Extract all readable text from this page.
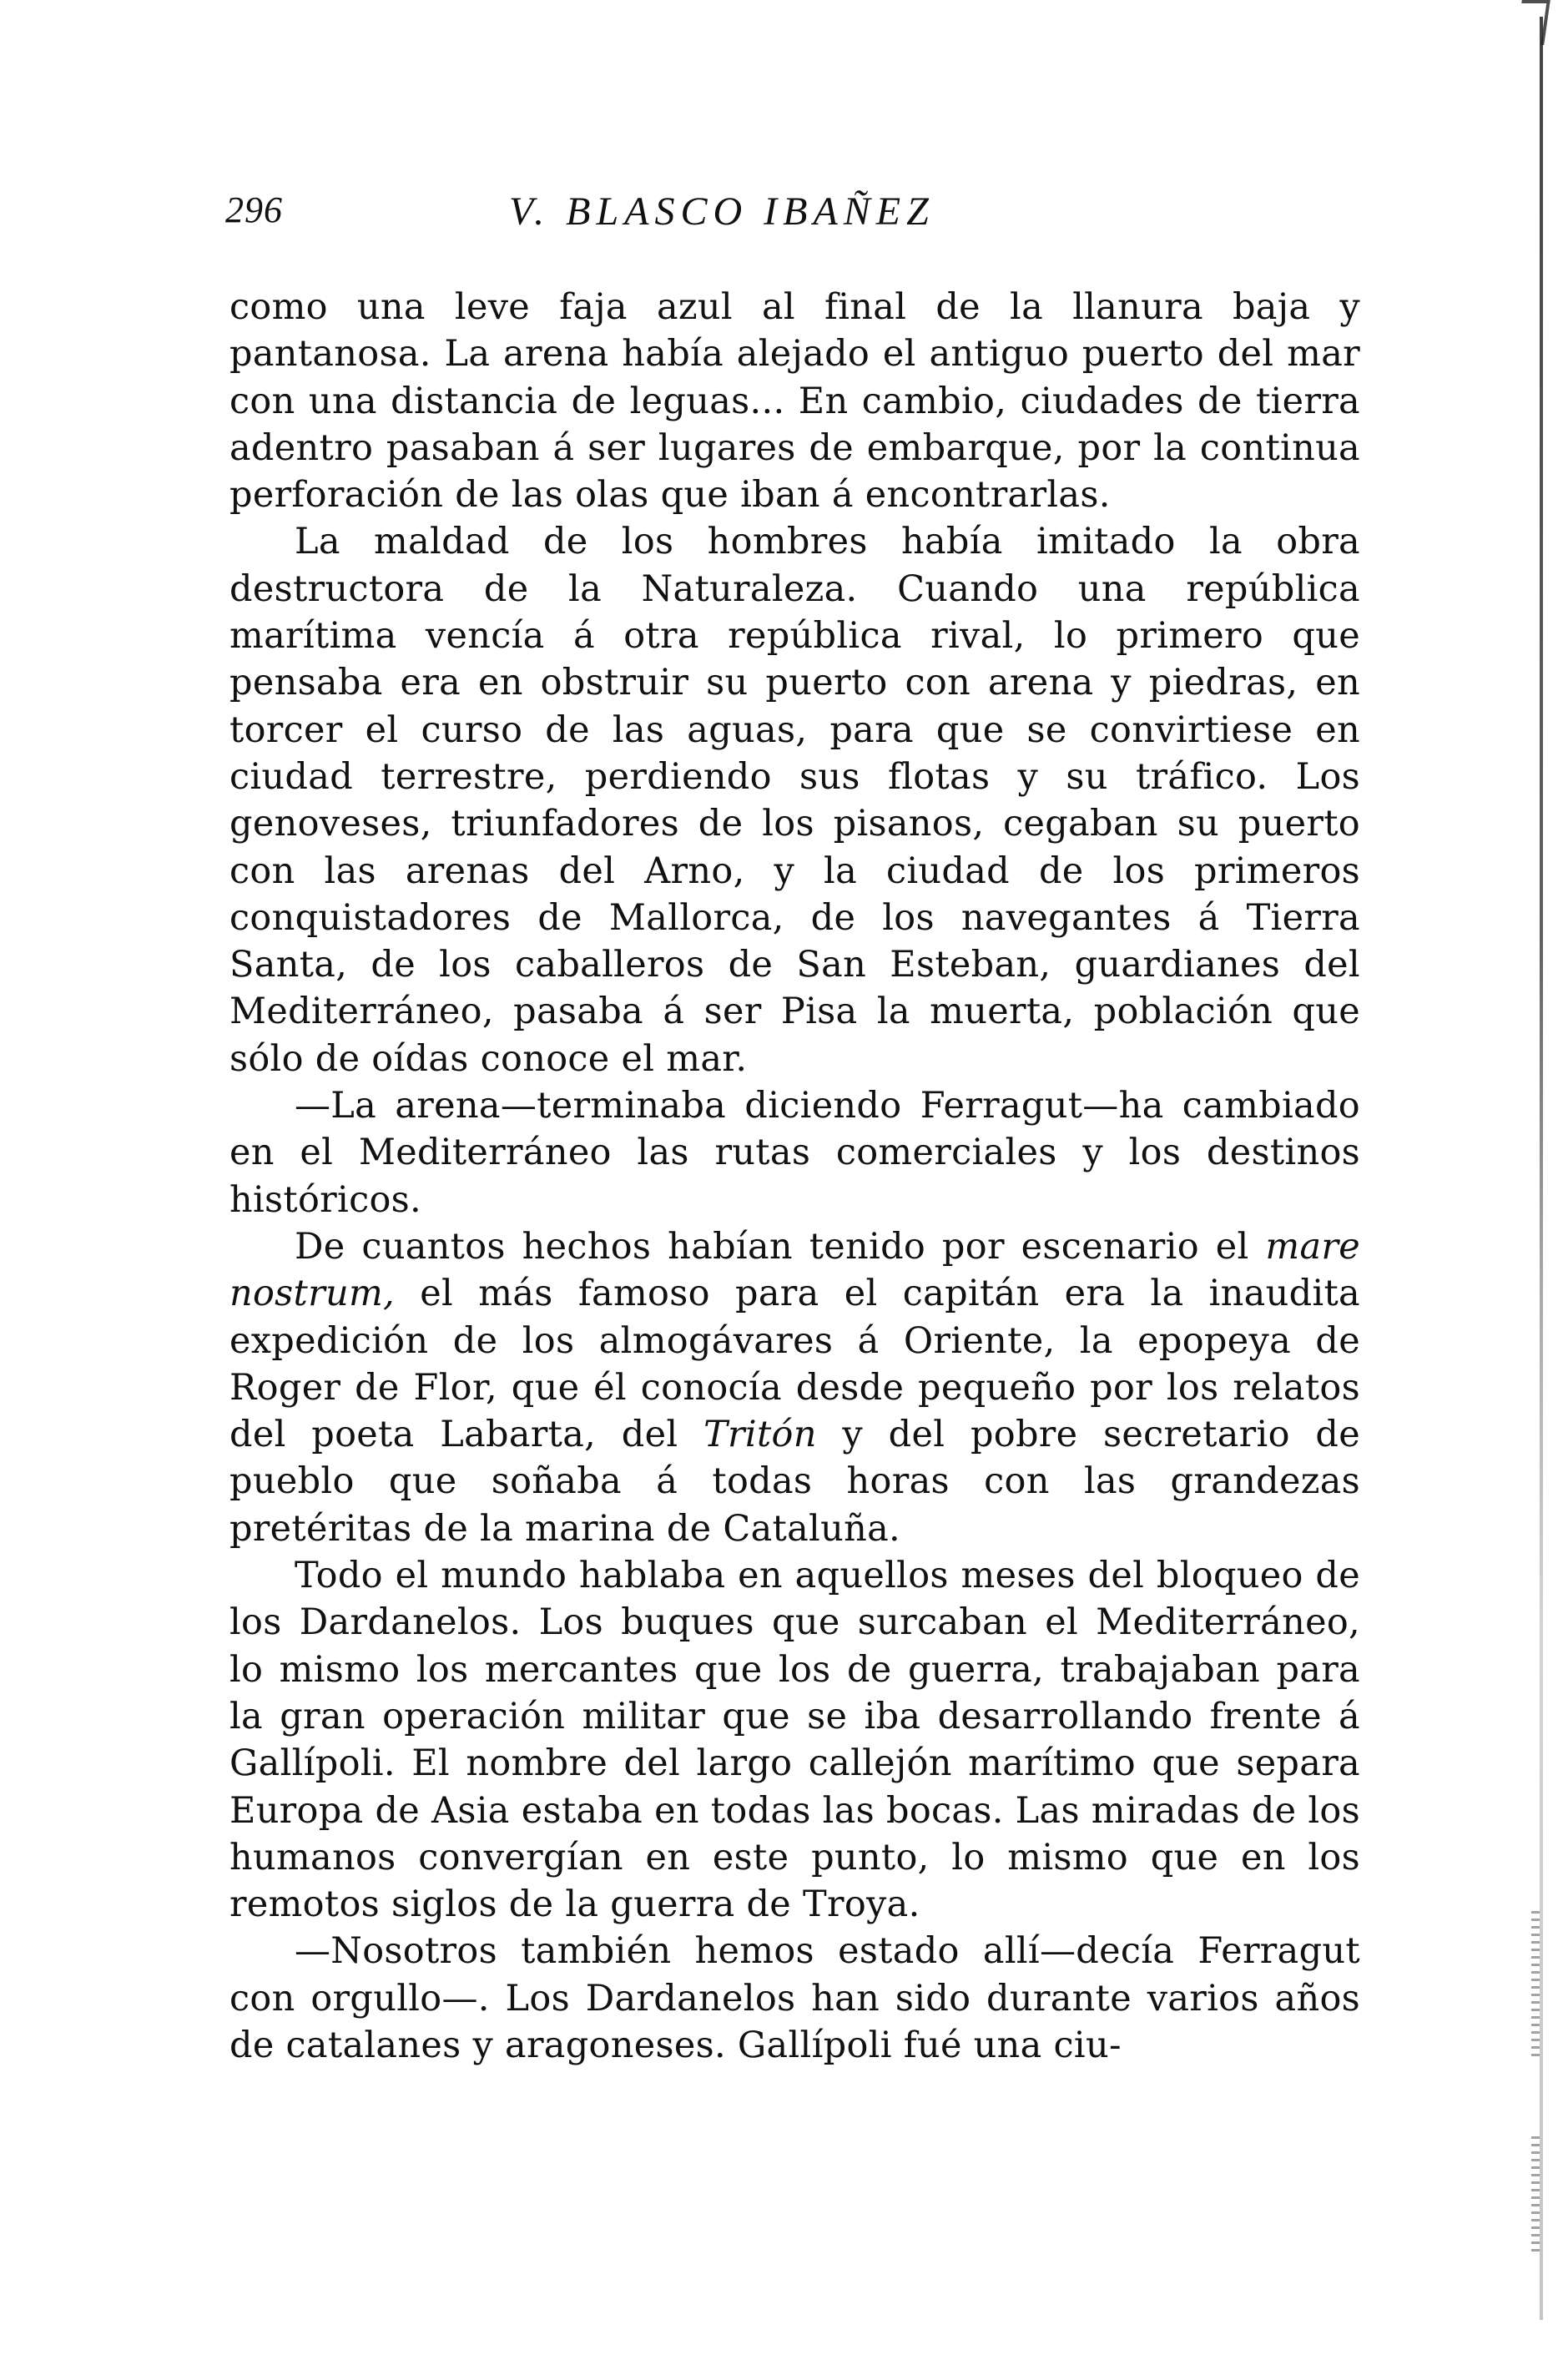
296	V. BLASCO IBAÑEZ

como una leve faja azul al final de la llanura baja y pantanosa. La arena había alejado el antiguo puerto del mar con una distancia de leguas... En cambio, ciudades de tierra adentro pasaban á ser lugares de embarque, por la continua perforación de las olas que iban á encontrarlas.

La maldad de los hombres había imitado la obra destructora de la Naturaleza. Cuando una república marítima vencía á otra república rival, lo primero que pensaba era en obstruir su puerto con arena y piedras, en torcer el curso de las aguas, para que se convirtiese en ciudad terrestre, perdiendo sus flotas y su tráfico. Los genoveses, triunfadores de los pisanos, cegaban su puerto con las arenas del Arno, y la ciudad de los primeros conquistadores de Mallorca, de los navegantes á Tierra Santa, de los caballeros de San Esteban, guardianes del Mediterráneo, pasaba á ser Pisa la muerta, población que sólo de oídas conoce el mar.

—La arena—terminaba diciendo Ferragut—ha cambiado en el Mediterráneo las rutas comerciales y los destinos históricos.

De cuantos hechos habían tenido por escenario el mare nostrum, el más famoso para el capitán era la inaudita expedición de los almogávares á Oriente, la epopeya de Roger de Flor, que él conocía desde pequeño por los relatos del poeta Labarta, del Tritón y del pobre secretario de pueblo que soñaba á todas horas con las grandezas pretéritas de la marina de Cataluña.

Todo el mundo hablaba en aquellos meses del bloqueo de los Dardanelos. Los buques que surcaban el Mediterráneo, lo mismo los mercantes que los de guerra, trabajaban para la gran operación militar que se iba desarrollando frente á Gallípoli. El nombre del largo callejón marítimo que separa Europa de Asia estaba en todas las bocas. Las miradas de los humanos convergían en este punto, lo mismo que en los remotos siglos de la guerra de Troya.

—Nosotros también hemos estado allí—decía Ferragut con orgullo—. Los Dardanelos han sido durante varios años de catalanes y aragoneses. Gallípoli fué una ciu-
